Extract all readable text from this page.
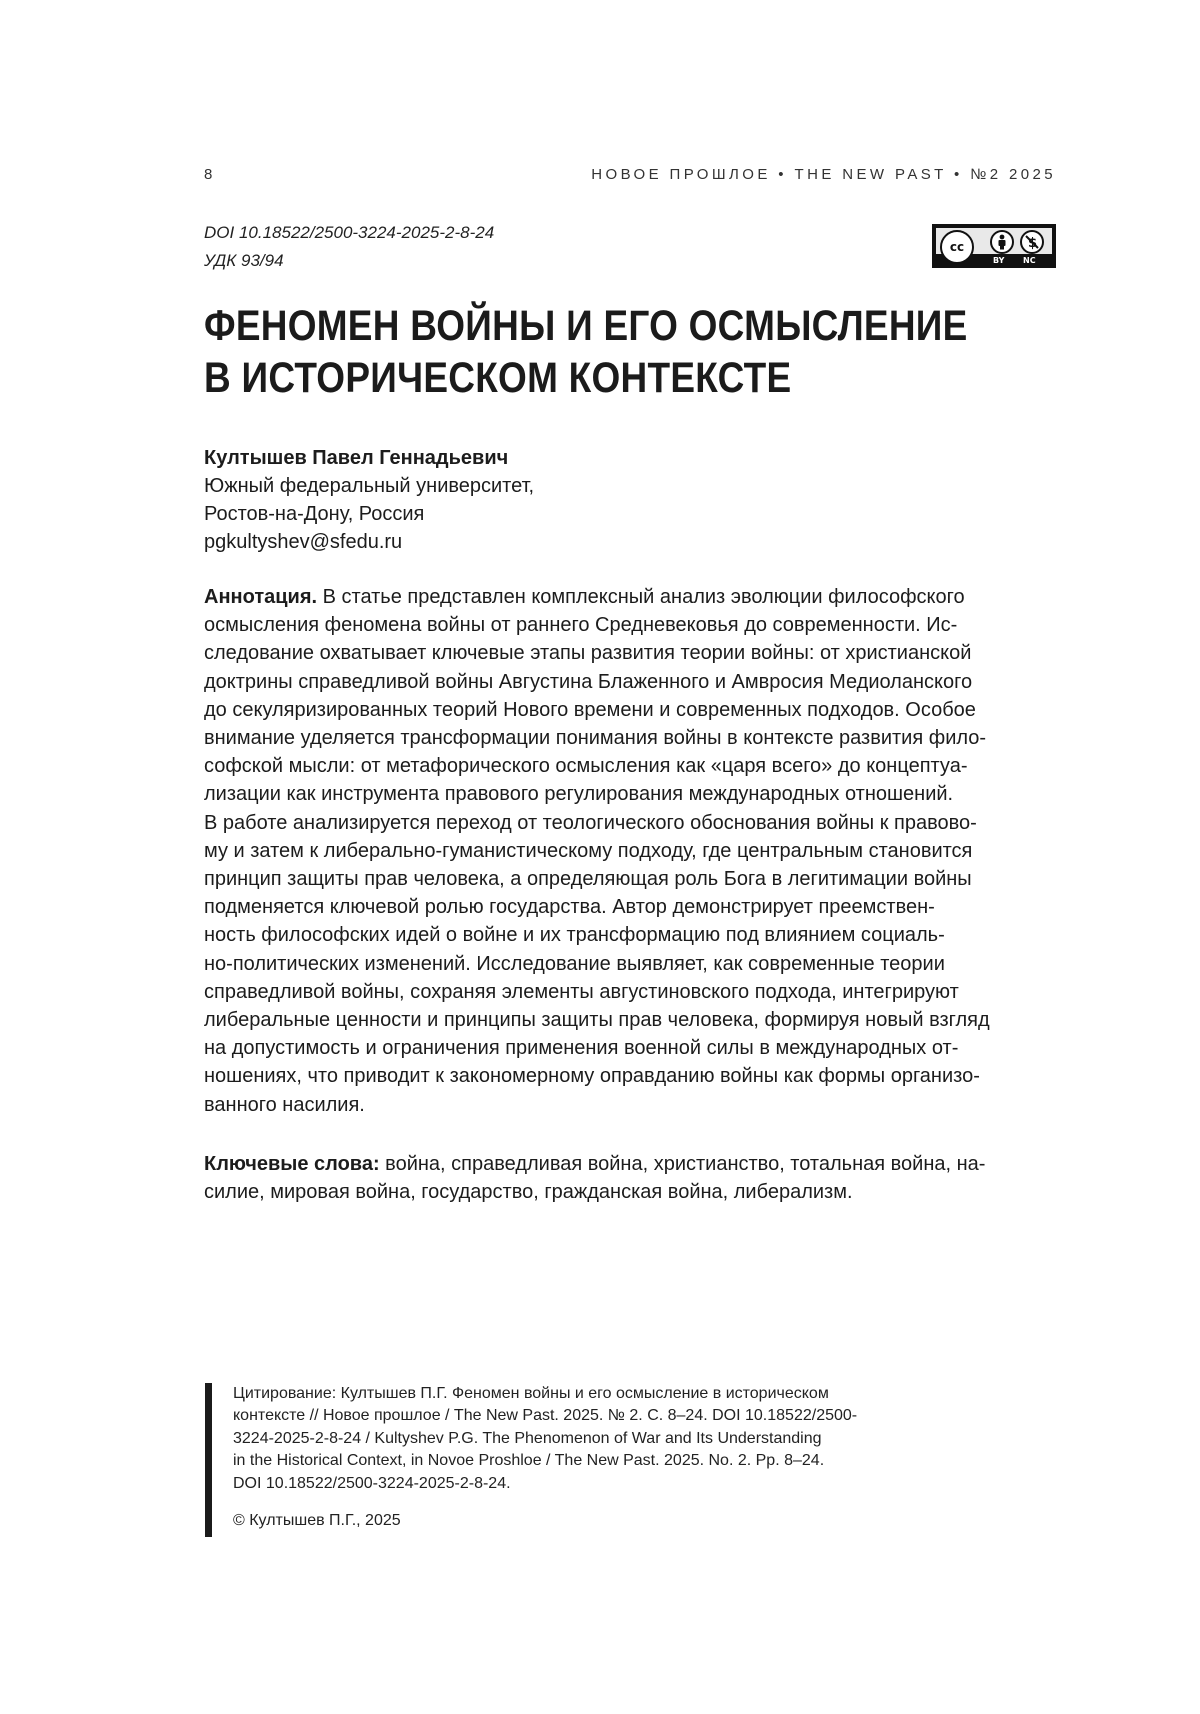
8	НОВОЕ ПРОШЛОЕ • THE NEW PAST • №2 2025
DOI 10.18522/2500-3224-2025-2-8-24
УДК 93/94
cc
BY NC
ФЕНОМЕН ВОЙНЫ И ЕГО ОСМЫСЛЕНИЕ
В ИСТОРИЧЕСКОМ КОНТЕКСТЕ
Култышев Павел Геннадьевич
Южный федеральный университет,
Ростов-на-Дону, Россия
pgkultyshev@sfedu.ru
Аннотация. В статье представлен комплексный анализ эволюции философского
осмысления феномена войны от раннего Средневековья до современности. Ис-
следование охватывает ключевые этапы развития теории войны: от христианской
доктрины справедливой войны Августина Блаженного и Амвросия Медиоланского
до секуляризированных теорий Нового времени и современных подходов. Особое
внимание уделяется трансформации понимания войны в контексте развития фило-
софской мысли: от метафорического осмысления как «царя всего» до концептуа-
лизации как инструмента правового регулирования международных отношений.
В работе анализируется переход от теологического обоснования войны к правово-
му и затем к либерально-гуманистическому подходу, где центральным становится
принцип защиты прав человека, а определяющая роль Бога в легитимации войны
подменяется ключевой ролью государства. Автор демонстрирует преемствен-
ность философских идей о войне и их трансформацию под влиянием социаль-
но-политических изменений. Исследование выявляет, как современные теории
справедливой войны, сохраняя элементы августиновского подхода, интегрируют
либеральные ценности и принципы защиты прав человека, формируя новый взгляд
на допустимость и ограничения применения военной силы в международных от-
ношениях, что приводит к закономерному оправданию войны как формы организо-
ванного насилия.
Ключевые слова: война, справедливая война, христианство, тотальная война, на-
силие, мировая война, государство, гражданская война, либерализм.
Цитирование: Култышев П.Г. Феномен войны и его осмысление в историческом
контексте // Новое прошлое / The New Past. 2025. № 2. С. 8–24. DOI 10.18522/2500-
3224-2025-2-8-24 / Kultyshev P.G. The Phenomenon of War and Its Understanding
in the Historical Context, in Novoe Proshloe / The New Past. 2025. No. 2. Pp. 8–24.
DOI 10.18522/2500-3224-2025-2-8-24.
© Култышев П.Г., 2025
